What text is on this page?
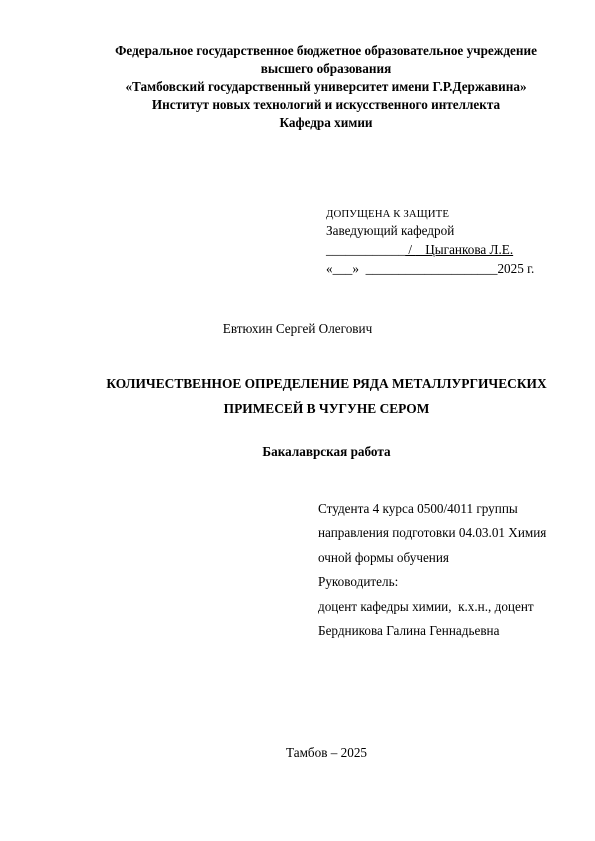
Федеральное государственное бюджетное образовательное учреждение
высшего образования
«Тамбовский государственный университет имени Г.Р.Державина»
Институт новых технологий и искусственного интеллекта
Кафедра химии
ДОПУЩЕНА К ЗАЩИТЕ
Заведующий кафедрой
____________ /    Цыганкова Л.Е.
«___»  ____________________2025 г.
Евтюхин Сергей Олегович
КОЛИЧЕСТВЕННОЕ ОПРЕДЕЛЕНИЕ РЯДА МЕТАЛЛУРГИЧЕСКИХ
ПРИМЕСЕЙ В ЧУГУНЕ СЕРОМ
Бакалаврская работа
Студента 4 курса 0500/4011 группы
направления подготовки 04.03.01 Химия
очной формы обучения
Руководитель:
доцент кафедры химии,  к.х.н., доцент
Бердникова Галина Геннадьевна
Тамбов – 2025
